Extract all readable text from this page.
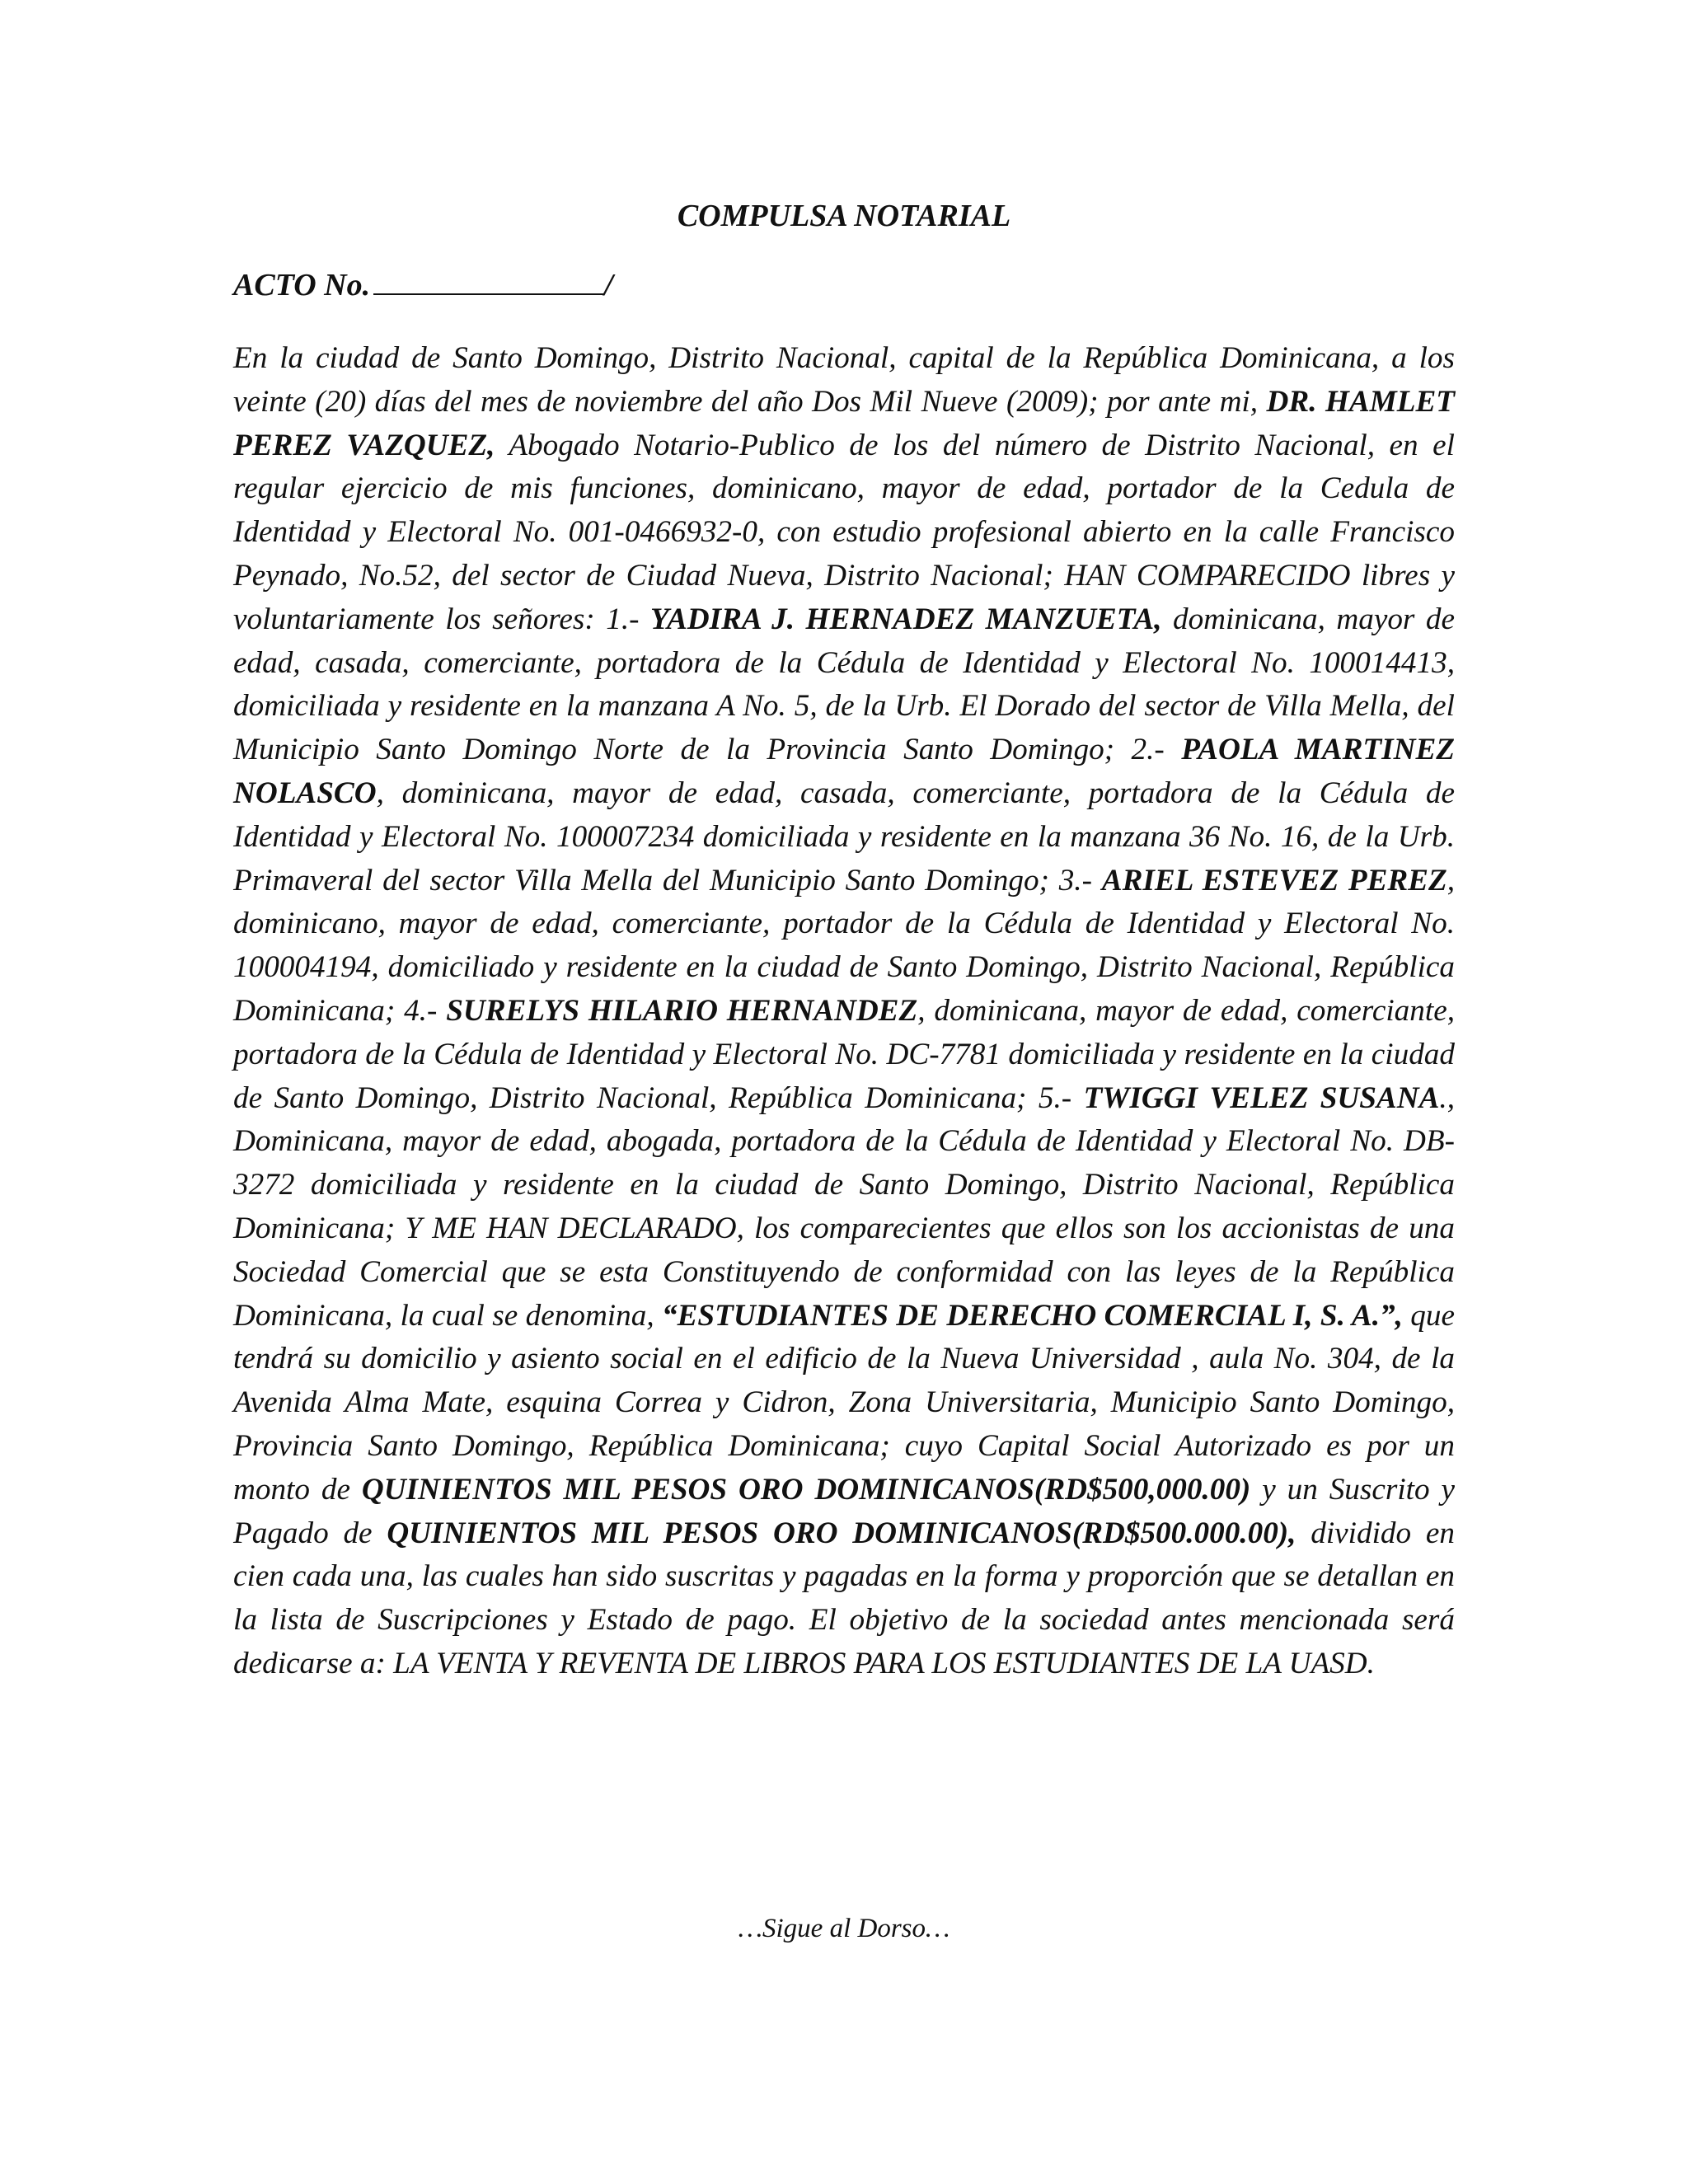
COMPULSA NOTARIAL
ACTO No.	/
En la ciudad de Santo Domingo, Distrito Nacional, capital de la República Dominicana, a los veinte (20) días del mes de noviembre del año Dos Mil Nueve (2009); por ante mi, DR. HAMLET PEREZ VAZQUEZ, Abogado Notario-Publico de los del número de Distrito Nacional, en el regular ejercicio de mis funciones, dominicano, mayor de edad, portador de la Cedula de Identidad y Electoral No. 001-0466932-0, con estudio profesional abierto en la calle Francisco Peynado, No.52, del sector de Ciudad Nueva, Distrito Nacional; HAN COMPARECIDO libres y voluntariamente los señores: 1.- YADIRA J. HERNADEZ MANZUETA, dominicana, mayor de edad, casada, comerciante, portadora de la Cédula de Identidad y Electoral No. 100014413, domiciliada y residente en la manzana A No. 5, de la Urb. El Dorado del sector de Villa Mella, del Municipio Santo Domingo Norte de la Provincia Santo Domingo; 2.- PAOLA MARTINEZ NOLASCO, dominicana, mayor de edad, casada, comerciante, portadora de la Cédula de Identidad y Electoral No. 100007234 domiciliada y residente en la manzana 36 No. 16, de la Urb. Primaveral del sector Villa Mella del Municipio Santo Domingo; 3.- ARIEL ESTEVEZ PEREZ, dominicano, mayor de edad, comerciante, portador de la Cédula de Identidad y Electoral No. 100004194, domiciliado y residente en la ciudad de Santo Domingo, Distrito Nacional, República Dominicana; 4.- SURELYS HILARIO HERNANDEZ, dominicana, mayor de edad, comerciante, portadora de la Cédula de Identidad y Electoral No. DC-7781 domiciliada y residente en la ciudad de Santo Domingo, Distrito Nacional, República Dominicana; 5.- TWIGGI VELEZ SUSANA., Dominicana, mayor de edad, abogada, portadora de la Cédula de Identidad y Electoral No. DB-3272 domiciliada y residente en la ciudad de Santo Domingo, Distrito Nacional, República Dominicana; Y ME HAN DECLARADO, los comparecientes que ellos son los accionistas de una Sociedad Comercial que se esta Constituyendo de conformidad con las leyes de la República Dominicana, la cual se denomina, “ESTUDIANTES DE DERECHO COMERCIAL I, S. A.”, que tendrá su domicilio y asiento social en el edificio de la Nueva Universidad , aula No. 304, de la Avenida Alma Mate, esquina Correa y Cidron, Zona Universitaria, Municipio Santo Domingo, Provincia Santo Domingo, República Dominicana; cuyo Capital Social Autorizado es por un monto de QUINIENTOS MIL PESOS ORO DOMINICANOS(RD$500,000.00) y un Suscrito y Pagado de QUINIENTOS MIL PESOS ORO DOMINICANOS(RD$500.000.00), dividido en cien cada una, las cuales han sido suscritas y pagadas en la forma y proporción que se detallan en la lista de Suscripciones y Estado de pago. El objetivo de la sociedad antes mencionada será dedicarse a: LA VENTA Y REVENTA DE LIBROS PARA LOS ESTUDIANTES DE LA UASD.
…Sigue al Dorso…
